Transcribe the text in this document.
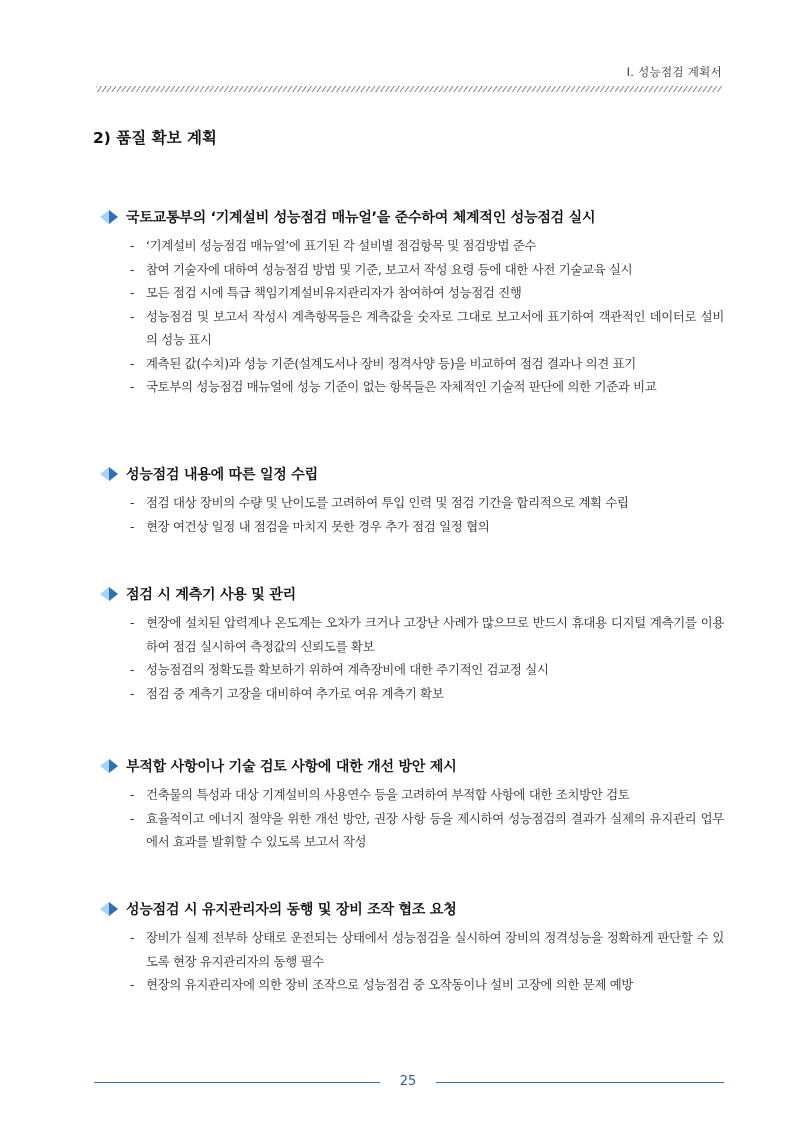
Ⅰ. 성능점검 계획서
2) 품질 확보 계획
국토교통부의 ‘기계설비 성능점검 매뉴얼’을 준수하여 체계적인 성능점검 실시
- ‘기계설비 성능점검 매뉴얼’에 표기된 각 설비별 점검항목 및 점검방법 준수
- 참여 기술자에 대하여 성능점검 방법 및 기준, 보고서 작성 요령 등에 대한 사전 기술교육 실시
- 모든 점검 시에 특급 책임기계설비유지관리자가 참여하여 성능점검 진행
- 성능점검 및 보고서 작성시 계측항목들은 계측값을 숫자로 그대로 보고서에 표기하여 객관적인 데이터로 설비의 성능 표시
- 계측된 값(수치)과 성능 기준(설계도서나 장비 정격사양 등)을 비교하여 점검 결과나 의견 표기
- 국토부의 성능점검 매뉴얼에 성능 기준이 없는 항목들은 자체적인 기술적 판단에 의한 기준과 비교
성능점검 내용에 따른 일정 수립
- 점검 대상 장비의 수량 및 난이도를 고려하여 투입 인력 및 점검 기간을 합리적으로 계획 수립
- 현장 여건상 일정 내 점검을 마치지 못한 경우 추가 점검 일정 협의
점검 시 계측기 사용 및 관리
- 현장에 설치된 압력계나 온도계는 오차가 크거나 고장난 사례가 많으므로 반드시 휴대용 디지털 계측기를 이용하여 점검 실시하여 측정값의 신뢰도를 확보
- 성능점검의 정확도를 확보하기 위하여 계측장비에 대한 주기적인 검교정 실시
- 점검 중 계측기 고장을 대비하여 추가로 여유 계측기 확보
부적합 사항이나 기술 검토 사항에 대한 개선 방안 제시
- 건축물의 특성과 대상 기계설비의 사용연수 등을 고려하여 부적합 사항에 대한 조치방안 검토
- 효율적이고 에너지 절약을 위한 개선 방안, 권장 사항 등을 제시하여 성능점검의 결과가 실제의 유지관리 업무에서 효과를 발휘할 수 있도록 보고서 작성
성능점검 시 유지관리자의 동행 및 장비 조작 협조 요청
- 장비가 실제 전부하 상태로 운전되는 상태에서 성능점검을 실시하여 장비의 정격성능을 정확하게 판단할 수 있도록 현장 유지관리자의 동행 필수
- 현장의 유지관리자에 의한 장비 조작으로 성능점검 중 오작동이나 설비 고장에 의한 문제 예방
25
